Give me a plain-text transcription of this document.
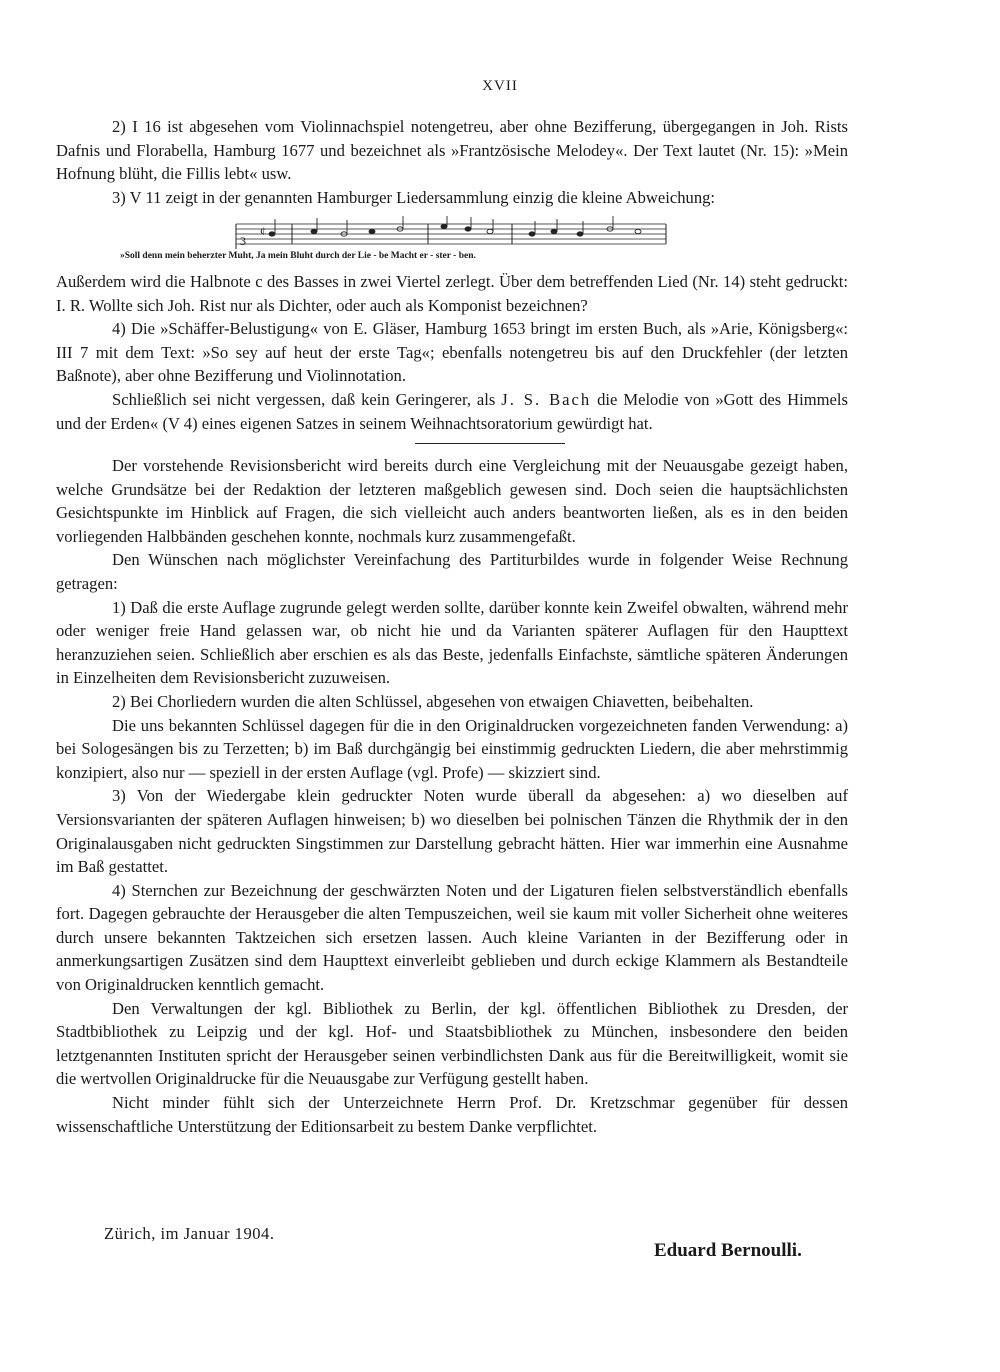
XVII

2) I 16 ist abgesehen vom Violinnachspiel notengetreu, aber ohne Bezifferung, übergegangen in Joh. Rists Dafnis und Florabella, Hamburg 1677 und bezeichnet als »Frantzösische Melodey«. Der Text lautet (Nr. 15): »Mein Hofnung blüht, die Fillis lebt« usw.

3) V 11 zeigt in der genannten Hamburger Liedersammlung einzig die kleine Abweichung:

3
¢
»Soll denn mein beherzter Muht, Ja mein Bluht durch der Lie - be Macht er - ster - ben.

Außerdem wird die Halbnote c des Basses in zwei Viertel zerlegt. Über dem betreffenden Lied (Nr. 14) steht gedruckt: I. R. Wollte sich Joh. Rist nur als Dichter, oder auch als Komponist bezeichnen?

4) Die »Schäffer-Belustigung« von E. Gläser, Hamburg 1653 bringt im ersten Buch, als »Arie, Königsberg«: III 7 mit dem Text: »So sey auf heut der erste Tag«; ebenfalls notengetreu bis auf den Druckfehler (der letzten Baßnote), aber ohne Bezifferung und Violinnotation.

Schließlich sei nicht vergessen, daß kein Geringerer, als J. S. Bach die Melodie von »Gott des Himmels und der Erden« (V 4) eines eigenen Satzes in seinem Weihnachtsoratorium gewürdigt hat.

Der vorstehende Revisionsbericht wird bereits durch eine Vergleichung mit der Neuausgabe gezeigt haben, welche Grundsätze bei der Redaktion der letzteren maßgeblich gewesen sind. Doch seien die hauptsächlichsten Gesichtspunkte im Hinblick auf Fragen, die sich vielleicht auch anders beantworten ließen, als es in den beiden vorliegenden Halbbänden geschehen konnte, nochmals kurz zusammengefaßt.

Den Wünschen nach möglichster Vereinfachung des Partiturbildes wurde in folgender Weise Rechnung getragen:

1) Daß die erste Auflage zugrunde gelegt werden sollte, darüber konnte kein Zweifel obwalten, während mehr oder weniger freie Hand gelassen war, ob nicht hie und da Varianten späterer Auflagen für den Haupttext heranzuziehen seien. Schließlich aber erschien es als das Beste, jedenfalls Einfachste, sämtliche späteren Änderungen in Einzelheiten dem Revisionsbericht zuzuweisen.

2) Bei Chorliedern wurden die alten Schlüssel, abgesehen von etwaigen Chiavetten, beibehalten.

Die uns bekannten Schlüssel dagegen für die in den Originaldrucken vorgezeichneten fanden Verwendung: a) bei Sologesängen bis zu Terzetten; b) im Baß durchgängig bei einstimmig gedruckten Liedern, die aber mehrstimmig konzipiert, also nur — speziell in der ersten Auflage (vgl. Profe) — skizziert sind.

3) Von der Wiedergabe klein gedruckter Noten wurde überall da abgesehen: a) wo dieselben auf Versionsvarianten der späteren Auflagen hinweisen; b) wo dieselben bei polnischen Tänzen die Rhythmik der in den Originalausgaben nicht gedruckten Singstimmen zur Darstellung gebracht hätten. Hier war immerhin eine Ausnahme im Baß gestattet.

4) Sternchen zur Bezeichnung der geschwärzten Noten und der Ligaturen fielen selbstverständlich ebenfalls fort. Dagegen gebrauchte der Herausgeber die alten Tempuszeichen, weil sie kaum mit voller Sicherheit ohne weiteres durch unsere bekannten Taktzeichen sich ersetzen lassen. Auch kleine Varianten in der Bezifferung oder in anmerkungsartigen Zusätzen sind dem Haupttext einverleibt geblieben und durch eckige Klammern als Bestandteile von Originaldrucken kenntlich gemacht.

Den Verwaltungen der kgl. Bibliothek zu Berlin, der kgl. öffentlichen Bibliothek zu Dresden, der Stadtbibliothek zu Leipzig und der kgl. Hof- und Staatsbibliothek zu München, insbesondere den beiden letztgenannten Instituten spricht der Herausgeber seinen verbindlichsten Dank aus für die Bereitwilligkeit, womit sie die wertvollen Originaldrucke für die Neuausgabe zur Verfügung gestellt haben.

Nicht minder fühlt sich der Unterzeichnete Herrn Prof. Dr. Kretzschmar gegenüber für dessen wissenschaftliche Unterstützung der Editionsarbeit zu bestem Danke verpflichtet.

Zürich, im Januar 1904.
Eduard Bernoulli.
